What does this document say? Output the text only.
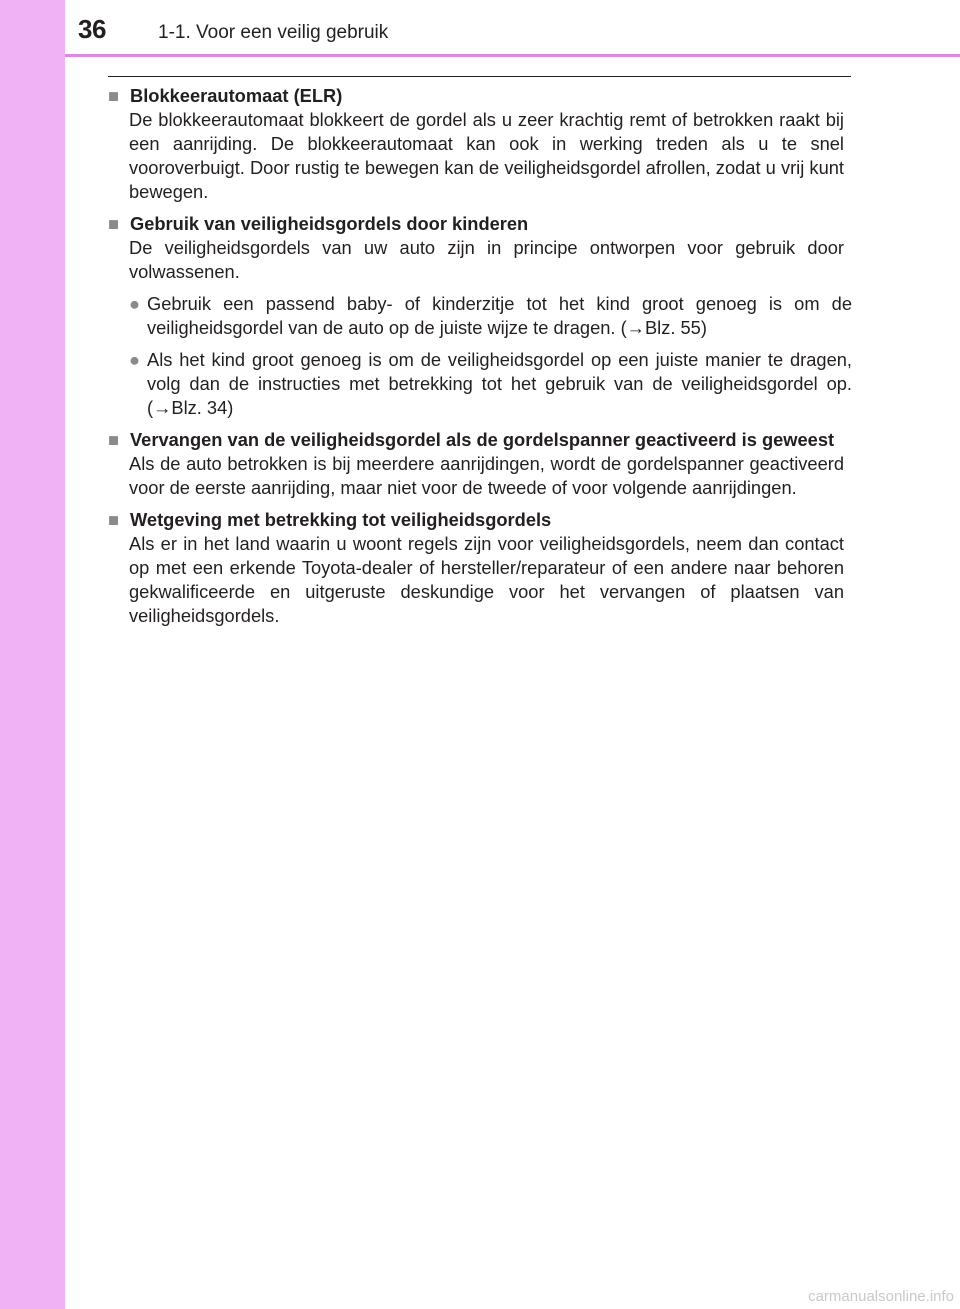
36	1-1. Voor een veilig gebruik
■ Blokkeerautomaat (ELR)
De blokkeerautomaat blokkeert de gordel als u zeer krachtig remt of betrokken raakt bij een aanrijding. De blokkeerautomaat kan ook in werking treden als u te snel vooroverbuigt. Door rustig te bewegen kan de veiligheidsgordel afrollen, zodat u vrij kunt bewegen.
■ Gebruik van veiligheidsgordels door kinderen
De veiligheidsgordels van uw auto zijn in principe ontworpen voor gebruik door volwassenen.
● Gebruik een passend baby- of kinderzitje tot het kind groot genoeg is om de veiligheidsgordel van de auto op de juiste wijze te dragen. (→Blz. 55)
● Als het kind groot genoeg is om de veiligheidsgordel op een juiste manier te dragen, volg dan de instructies met betrekking tot het gebruik van de veiligheidsgordel op. (→Blz. 34)
■ Vervangen van de veiligheidsgordel als de gordelspanner geactiveerd is geweest
Als de auto betrokken is bij meerdere aanrijdingen, wordt de gordelspanner geactiveerd voor de eerste aanrijding, maar niet voor de tweede of voor volgende aanrijdingen.
■ Wetgeving met betrekking tot veiligheidsgordels
Als er in het land waarin u woont regels zijn voor veiligheidsgordels, neem dan contact op met een erkende Toyota-dealer of hersteller/reparateur of een andere naar behoren gekwalificeerde en uitgeruste deskundige voor het vervangen of plaatsen van veiligheidsgordels.
carmanualsonline.info
